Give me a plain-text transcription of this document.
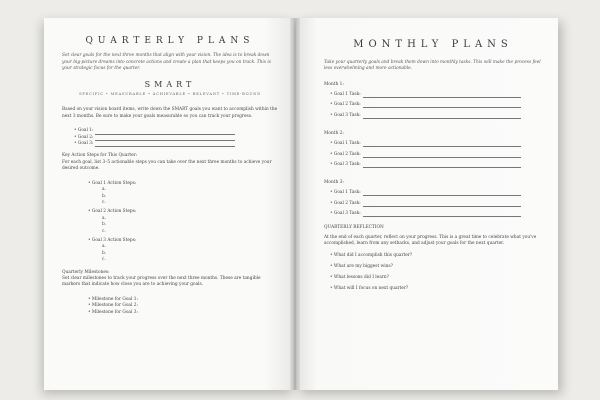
QUARTERLY PLANS
Set clear goals for the next three months that align with your vision. The idea is to break down your big-picture dreams into concrete actions and create a plan that keeps you on track. This is your strategic focus for the quarter.
SMART
SPECIFIC • MEASURABLE • ACHIEVABLE • RELEVANT • TIME-BOUND
Based on your vision board items, write down the SMART goals you want to accomplish within the next 3 months. Be sure to make your goals measurable so you can track your progress.
• Goal 1:
• Goal 2:
• Goal 3:
Key Action Steps for This Quarter:
For each goal, list 3–5 actionable steps you can take over the next three months to achieve your desired outcome.
• Goal 1 Action Steps:
a.
b.
c.
• Goal 2 Action Steps:
a.
b.
c.
• Goal 3 Action Steps:
a.
b.
c.
Quarterly Milestones:
Set clear milestones to track your progress over the next three months. These are tangible markers that indicate how close you are to achieving your goals.
• Milestone for Goal 1:
• Milestone for Goal 2:
• Milestone for Goal 3:
MONTHLY PLANS
Take your quarterly goals and break them down into monthly tasks. This will make the process feel less overwhelming and more actionable.
Month 1:
• Goal 1 Task:
• Goal 2 Task:
• Goal 3 Task:
Month 2:
• Goal 1 Task:
• Goal 2 Task:
• Goal 3 Task:
Month 3:
• Goal 1 Task:
• Goal 2 Task:
• Goal 3 Task:
QUARTERLY REFLECTION
At the end of each quarter, reflect on your progress. This is a great time to celebrate what you've accomplished, learn from any setbacks, and adjust your goals for the next quarter.
• What did I accomplish this quarter?
• What are my biggest wins?
• What lessons did I learn?
• What will I focus on next quarter?
